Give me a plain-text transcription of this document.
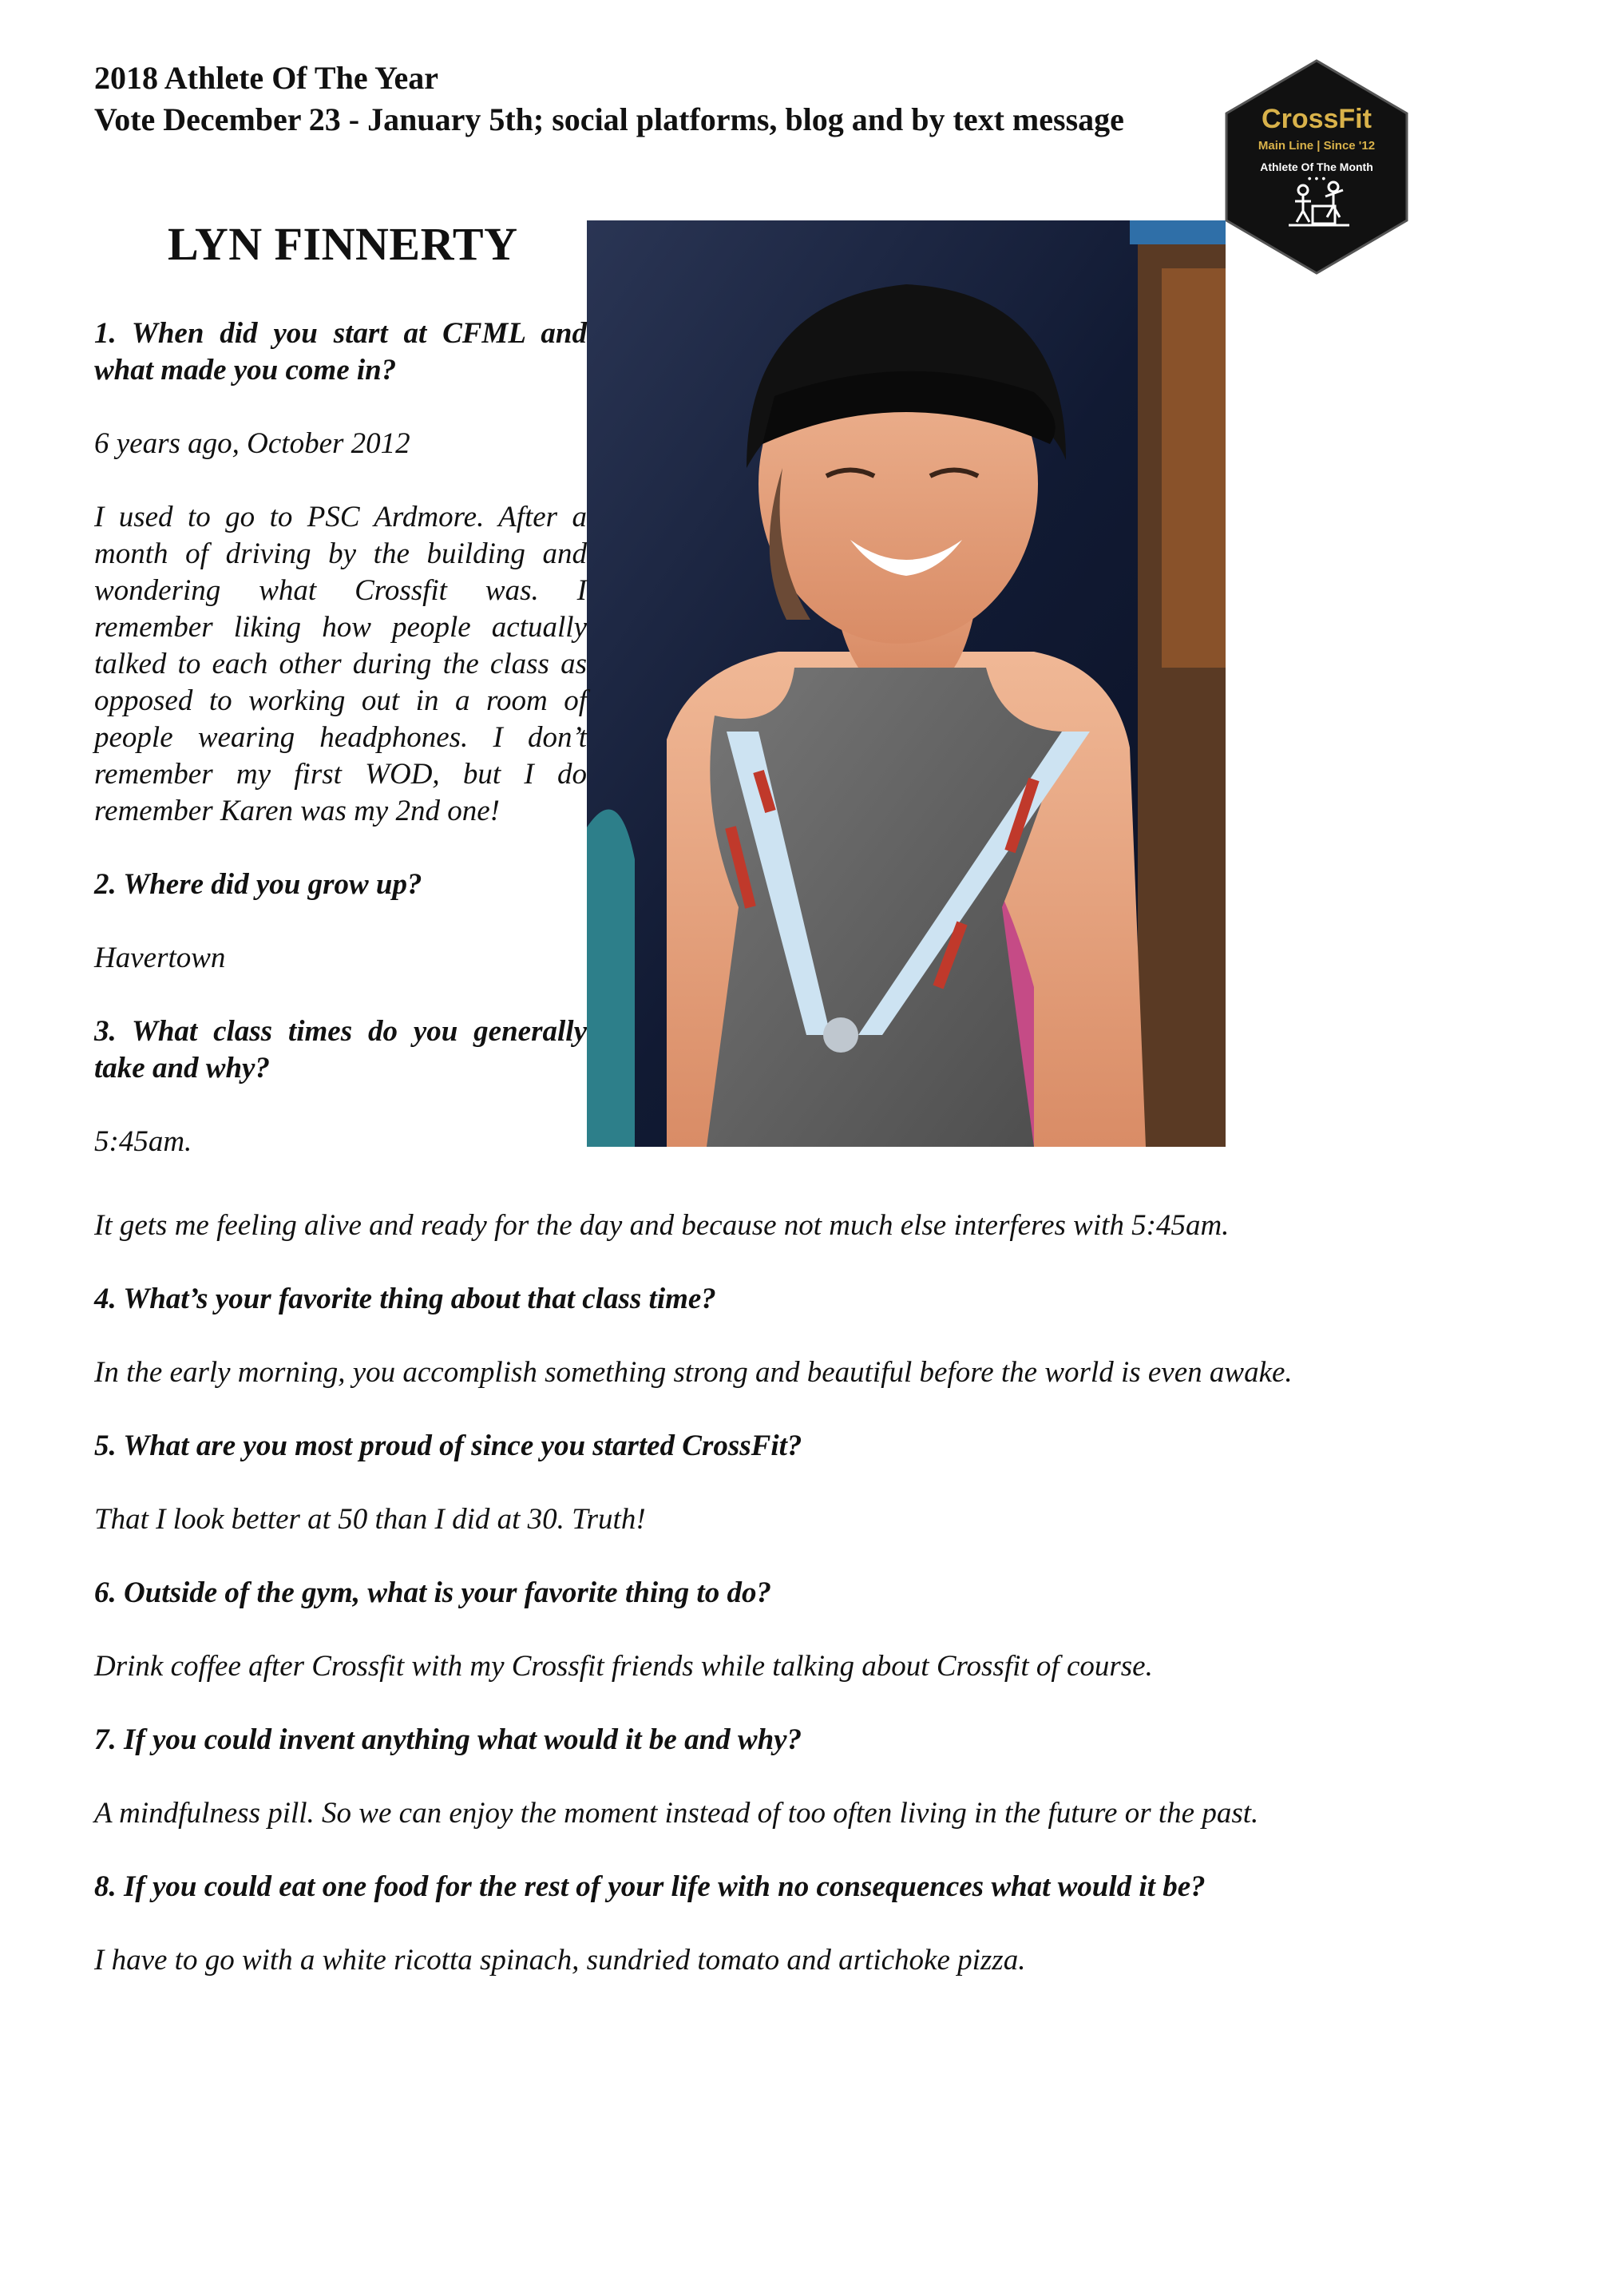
2018 Athlete Of The Year
Vote December 23 - January 5th; social platforms, blog and by text message	CrossFit
Main Line | Since '12
Athlete Of The Month
• • •
LYN FINNERTY

1. When did you start at CFML and what made you come in?

6 years ago, October 2012

I used to go to PSC Ardmore. After a month of driving by the building and wondering what Crossfit was. I remember liking how people actually talked to each other during the class as opposed to working out in a room of people wearing headphones. I don’t remember my first WOD, but I do remember Karen was my 2nd one!

2. Where did you grow up?

Havertown

3. What class times do you generally take and why?

5:45am.

It gets me feeling alive and ready for the day and because not much else interferes with 5:45am.

4. What’s your favorite thing about that class time?

In the early morning, you accomplish something strong and beautiful before the world is even awake.

5. What are you most proud of since you started CrossFit?

That I look better at 50 than I did at 30. Truth!

6. Outside of the gym, what is your favorite thing to do?

Drink coffee after Crossfit with my Crossfit friends while talking about Crossfit of course.

7. If you could invent anything what would it be and why?

A mindfulness pill. So we can enjoy the moment instead of too often living in the future or the past.

8. If you could eat one food for the rest of your life with no consequences what would it be?

I have to go with a white ricotta spinach, sundried tomato and artichoke pizza.
